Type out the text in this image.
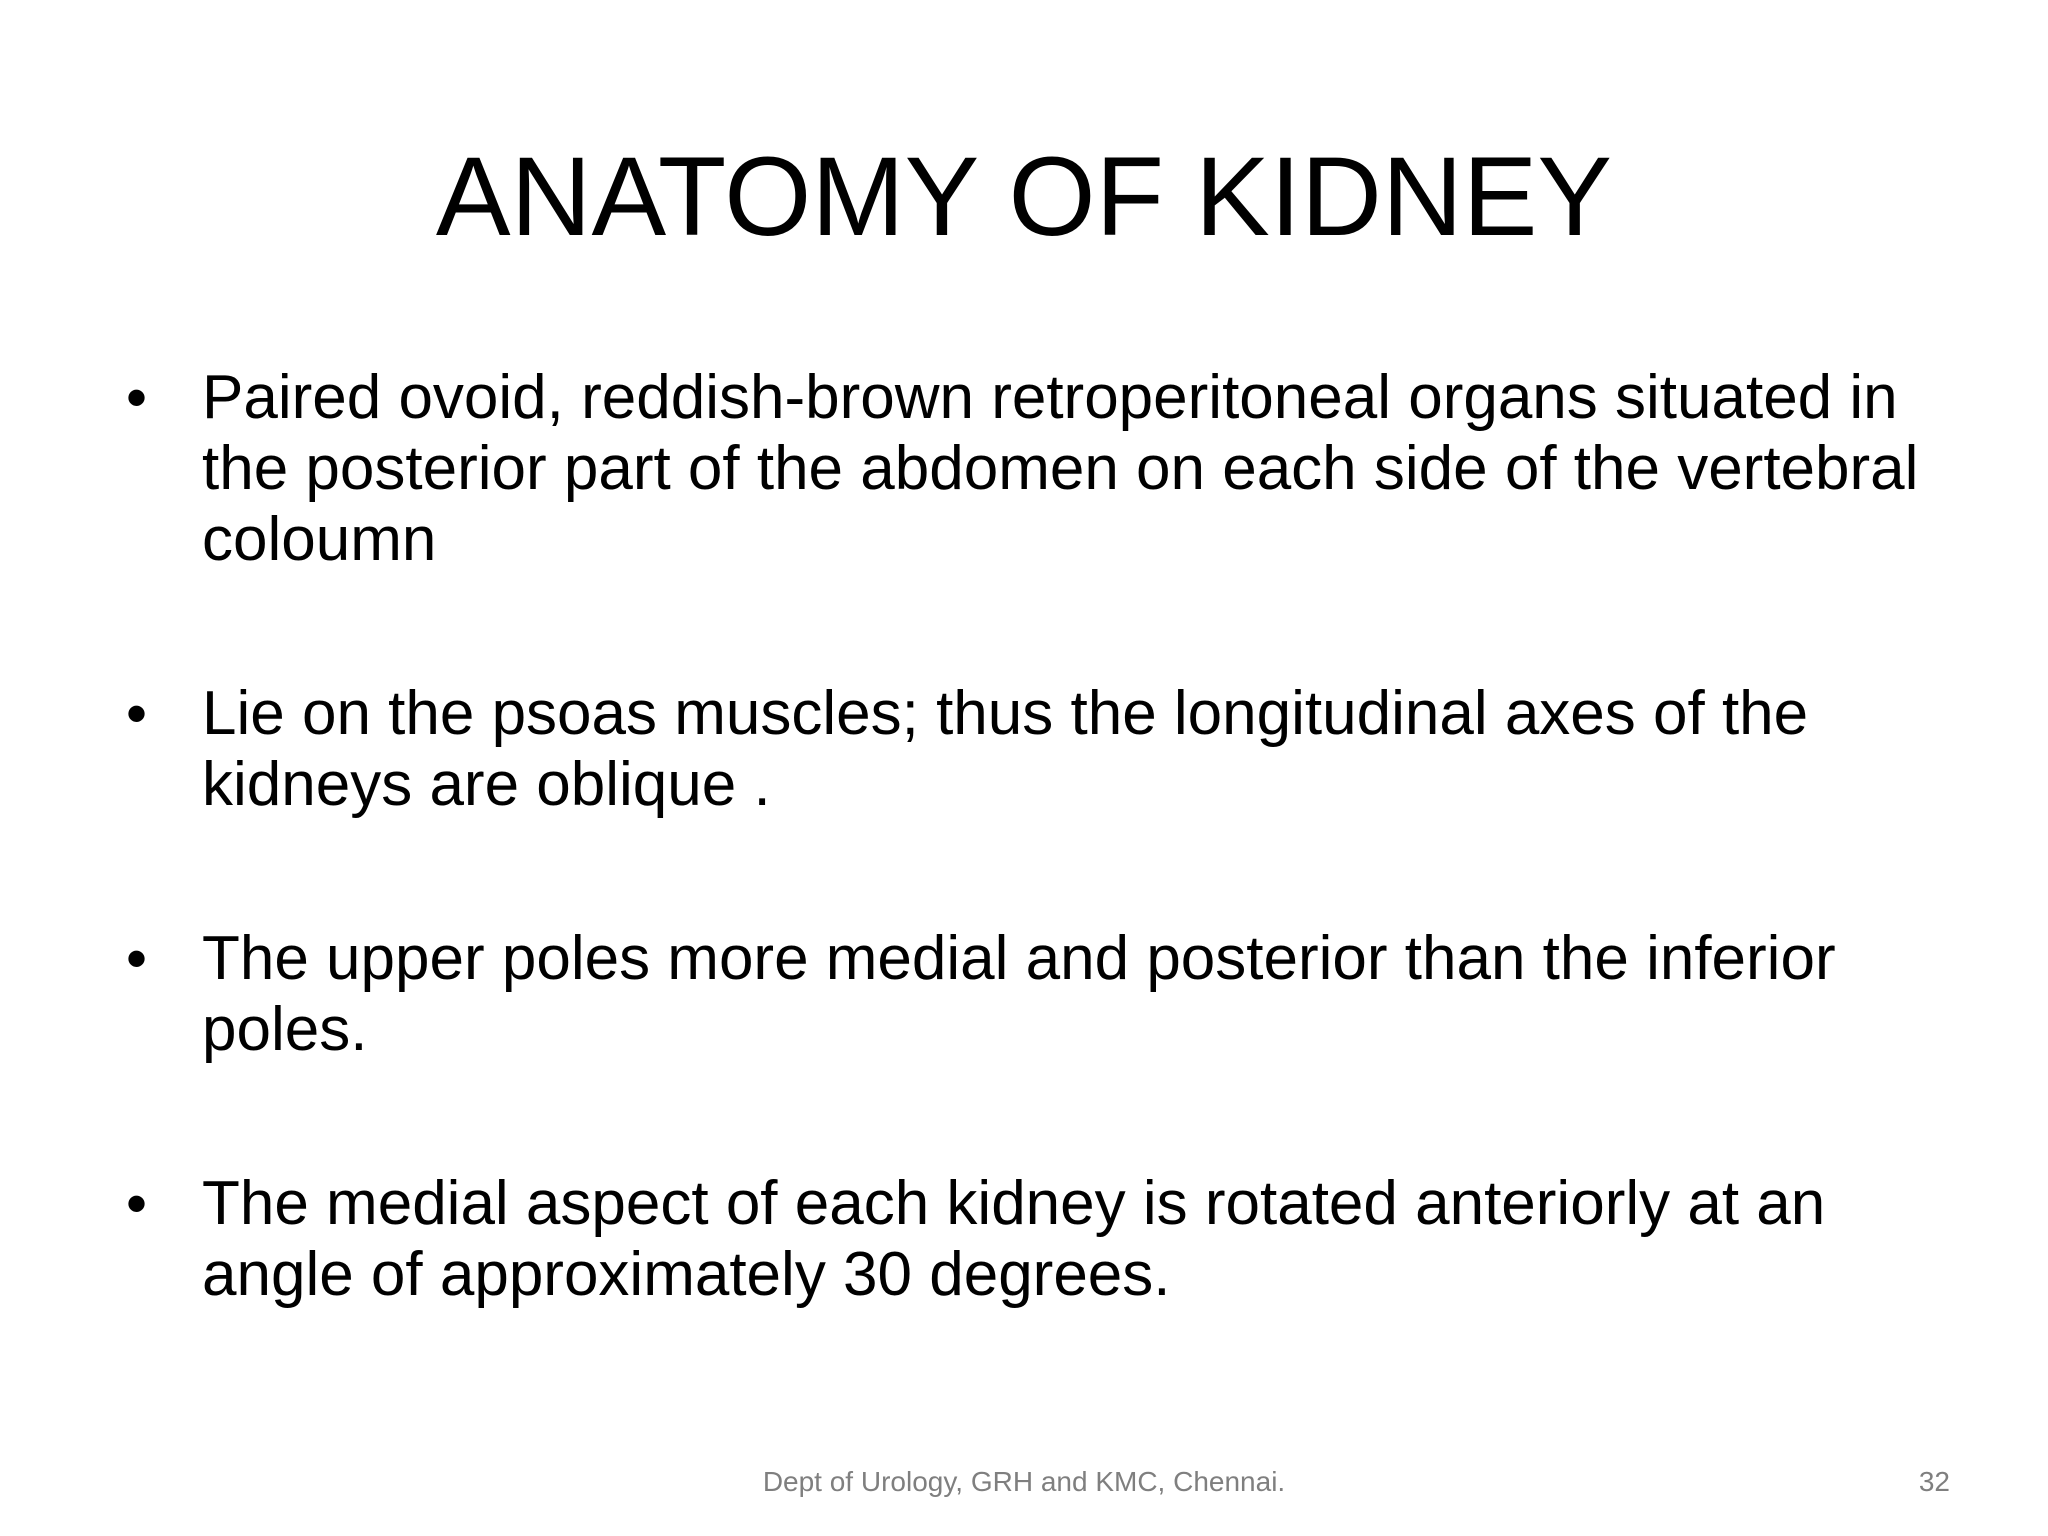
ANATOMY OF KIDNEY
• Paired ovoid, reddish-brown retroperitoneal organs situated in the posterior part of the abdomen on each side of the vertebral coloumn
• Lie on the psoas muscles; thus the longitudinal axes of the kidneys are oblique .
• The upper poles more medial and posterior than the inferior poles.
• The medial aspect of each kidney is rotated anteriorly at an angle of approximately 30 degrees.
Dept of Urology, GRH and KMC, Chennai.	32
